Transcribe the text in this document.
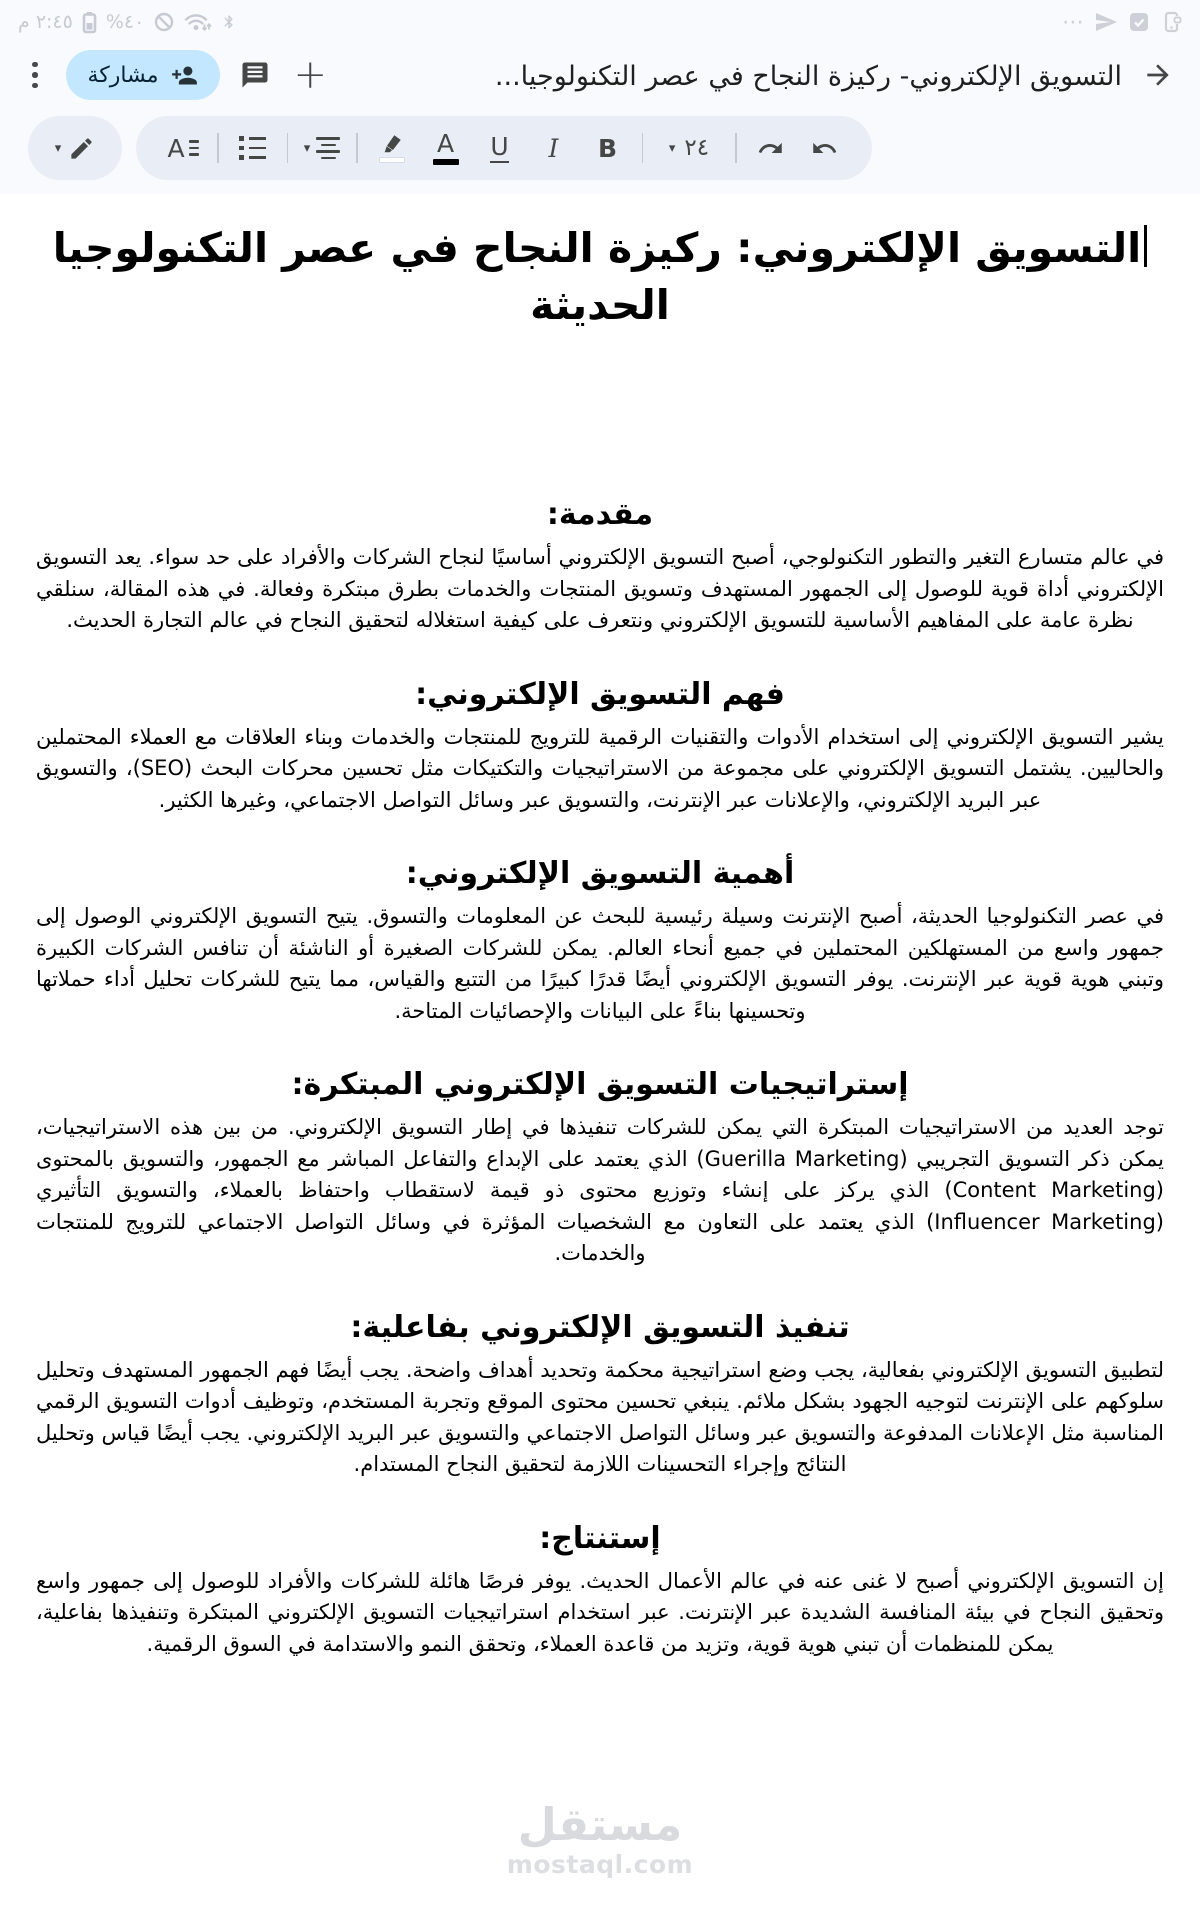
٢:٤٥ م ٤٠%	⋯
مشاركة	+	التسويق الإلكتروني- ركيزة النجاح في عصر التكنولوجيا...
▾	A	▾	A U I B	▾ ٢٤
التسويق الإلكتروني: ركيزة النجاح في عصر التكنولوجيا الحديثة
مقدمة:

في عالم متسارع التغير والتطور التكنولوجي، أصبح التسويق الإلكتروني أساسيًا لنجاح الشركات والأفراد على حد سواء. يعد التسويق الإلكتروني أداة قوية للوصول إلى الجمهور المستهدف وتسويق المنتجات والخدمات بطرق مبتكرة وفعالة. في هذه المقالة، سنلقي نظرة عامة على المفاهيم الأساسية للتسويق الإلكتروني ونتعرف على كيفية استغلاله لتحقيق النجاح في عالم التجارة الحديث.

فهم التسويق الإلكتروني:

يشير التسويق الإلكتروني إلى استخدام الأدوات والتقنيات الرقمية للترويج للمنتجات والخدمات وبناء العلاقات مع العملاء المحتملين والحاليين. يشتمل التسويق الإلكتروني على مجموعة من الاستراتيجيات والتكتيكات مثل تحسين محركات البحث (SEO)، والتسويق عبر البريد الإلكتروني، والإعلانات عبر الإنترنت، والتسويق عبر وسائل التواصل الاجتماعي، وغيرها الكثير.

أهمية التسويق الإلكتروني:

في عصر التكنولوجيا الحديثة، أصبح الإنترنت وسيلة رئيسية للبحث عن المعلومات والتسوق. يتيح التسويق الإلكتروني الوصول إلى جمهور واسع من المستهلكين المحتملين في جميع أنحاء العالم. يمكن للشركات الصغيرة أو الناشئة أن تنافس الشركات الكبيرة وتبني هوية قوية عبر الإنترنت. يوفر التسويق الإلكتروني أيضًا قدرًا كبيرًا من التتبع والقياس، مما يتيح للشركات تحليل أداء حملاتها وتحسينها بناءً على البيانات والإحصائيات المتاحة.

إستراتيجيات التسويق الإلكتروني المبتكرة:

توجد العديد من الاستراتيجيات المبتكرة التي يمكن للشركات تنفيذها في إطار التسويق الإلكتروني. من بين هذه الاستراتيجيات، يمكن ذكر التسويق التجريبي (Guerilla Marketing) الذي يعتمد على الإبداع والتفاعل المباشر مع الجمهور، والتسويق بالمحتوى (Content Marketing) الذي يركز على إنشاء وتوزيع محتوى ذو قيمة لاستقطاب واحتفاظ بالعملاء، والتسويق التأثيري (Influencer Marketing) الذي يعتمد على التعاون مع الشخصيات المؤثرة في وسائل التواصل الاجتماعي للترويج للمنتجات والخدمات.

تنفيذ التسويق الإلكتروني بفاعلية:

لتطبيق التسويق الإلكتروني بفعالية، يجب وضع استراتيجية محكمة وتحديد أهداف واضحة. يجب أيضًا فهم الجمهور المستهدف وتحليل سلوكهم على الإنترنت لتوجيه الجهود بشكل ملائم. ينبغي تحسين محتوى الموقع وتجربة المستخدم، وتوظيف أدوات التسويق الرقمي المناسبة مثل الإعلانات المدفوعة والتسويق عبر وسائل التواصل الاجتماعي والتسويق عبر البريد الإلكتروني. يجب أيضًا قياس وتحليل النتائج وإجراء التحسينات اللازمة لتحقيق النجاح المستدام.

إستنتاج:

إن التسويق الإلكتروني أصبح لا غنى عنه في عالم الأعمال الحديث. يوفر فرصًا هائلة للشركات والأفراد للوصول إلى جمهور واسع وتحقيق النجاح في بيئة المنافسة الشديدة عبر الإنترنت. عبر استخدام استراتيجيات التسويق الإلكتروني المبتكرة وتنفيذها بفاعلية، يمكن للمنظمات أن تبني هوية قوية، وتزيد من قاعدة العملاء، وتحقق النمو والاستدامة في السوق الرقمية.

مستقل
mostaql.com
